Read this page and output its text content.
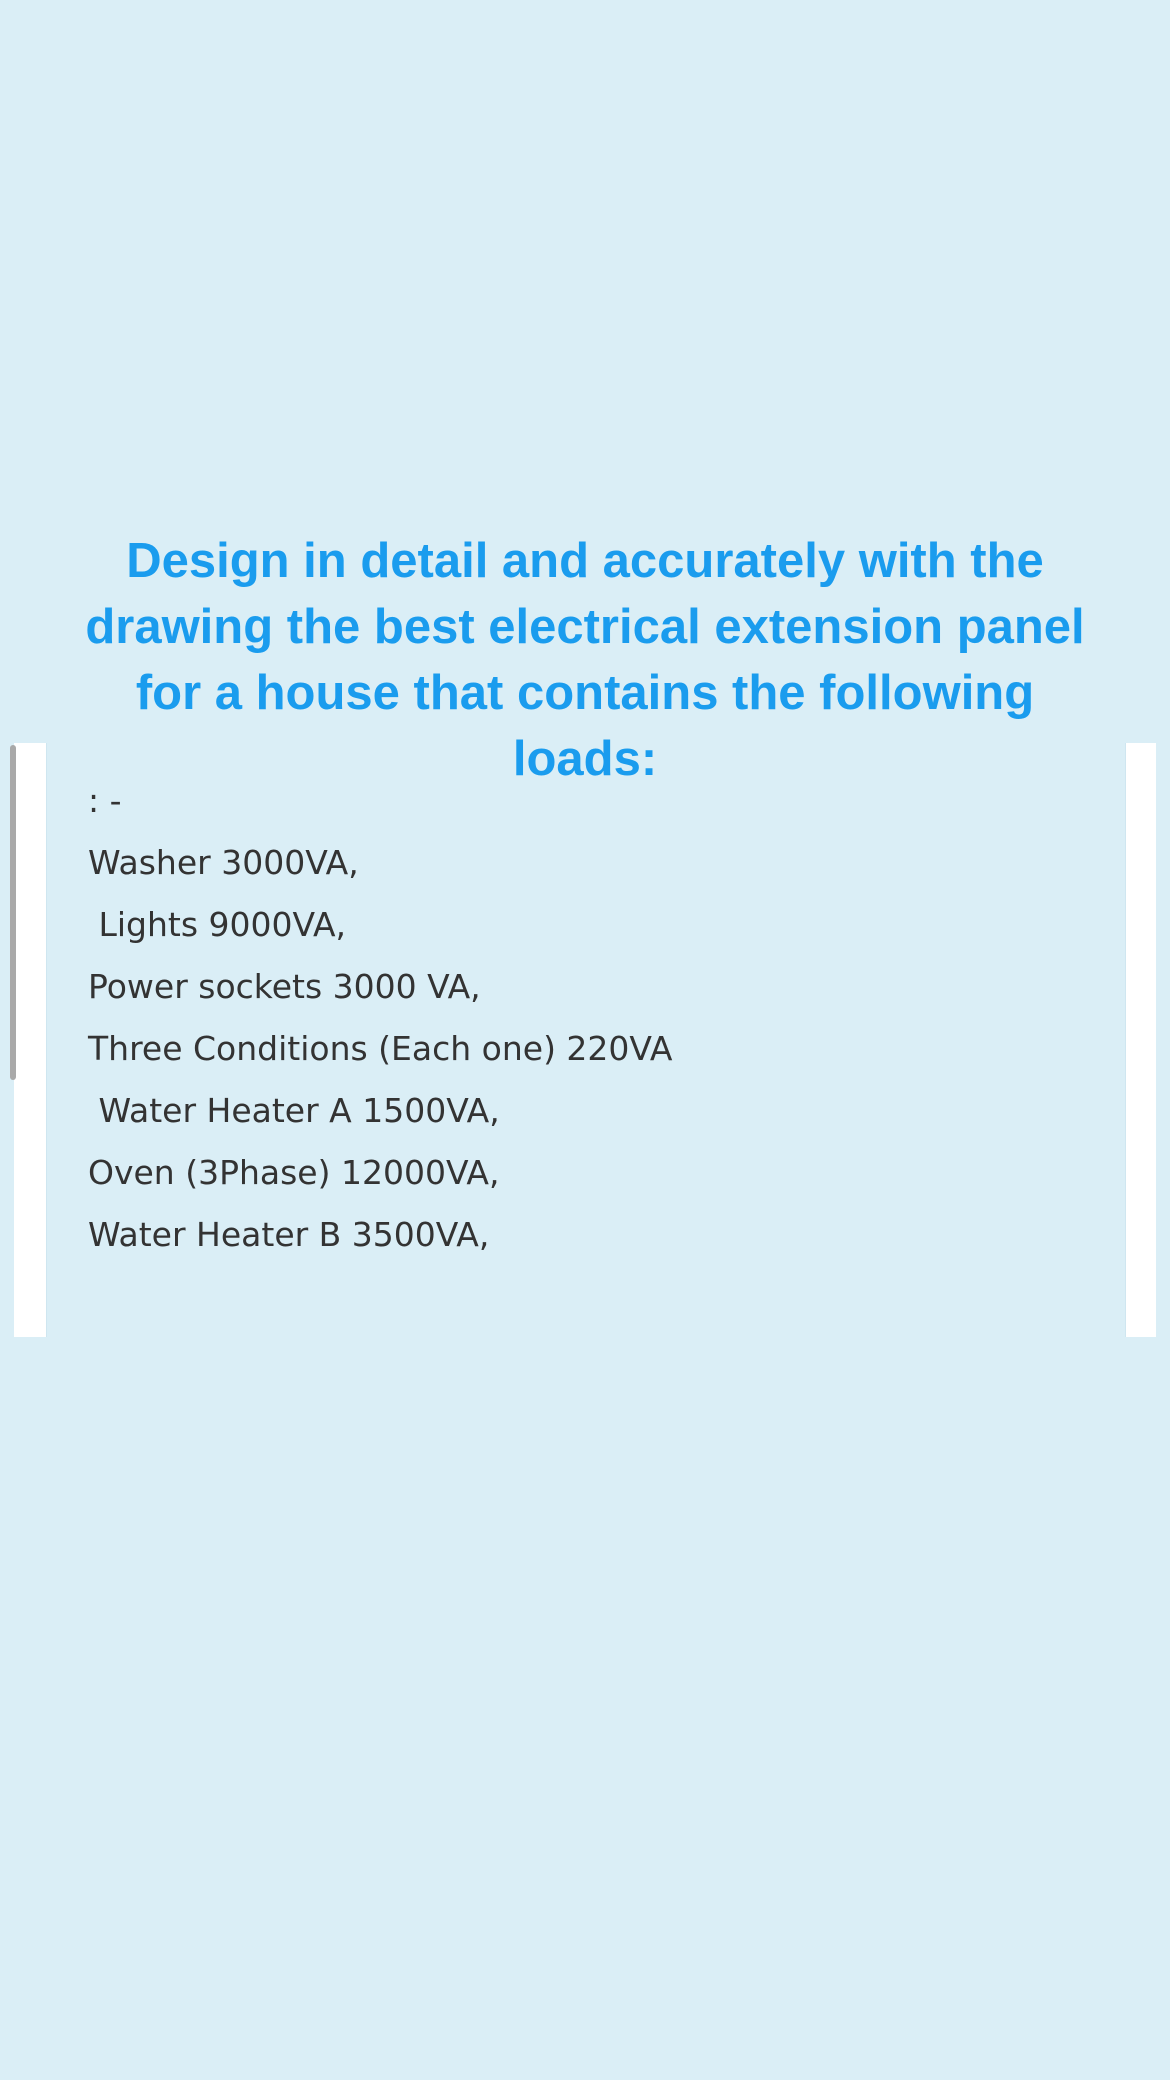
: -
Washer 3000VA,
Lights 9000VA,
Power sockets 3000 VA,
Three Conditions (Each one) 220VA
Water Heater A 1500VA,
Oven (3Phase) 12000VA,
Water Heater B 3500VA,
Design in detail and accurately with the drawing the best electrical extension panel for a house that contains the following loads:
